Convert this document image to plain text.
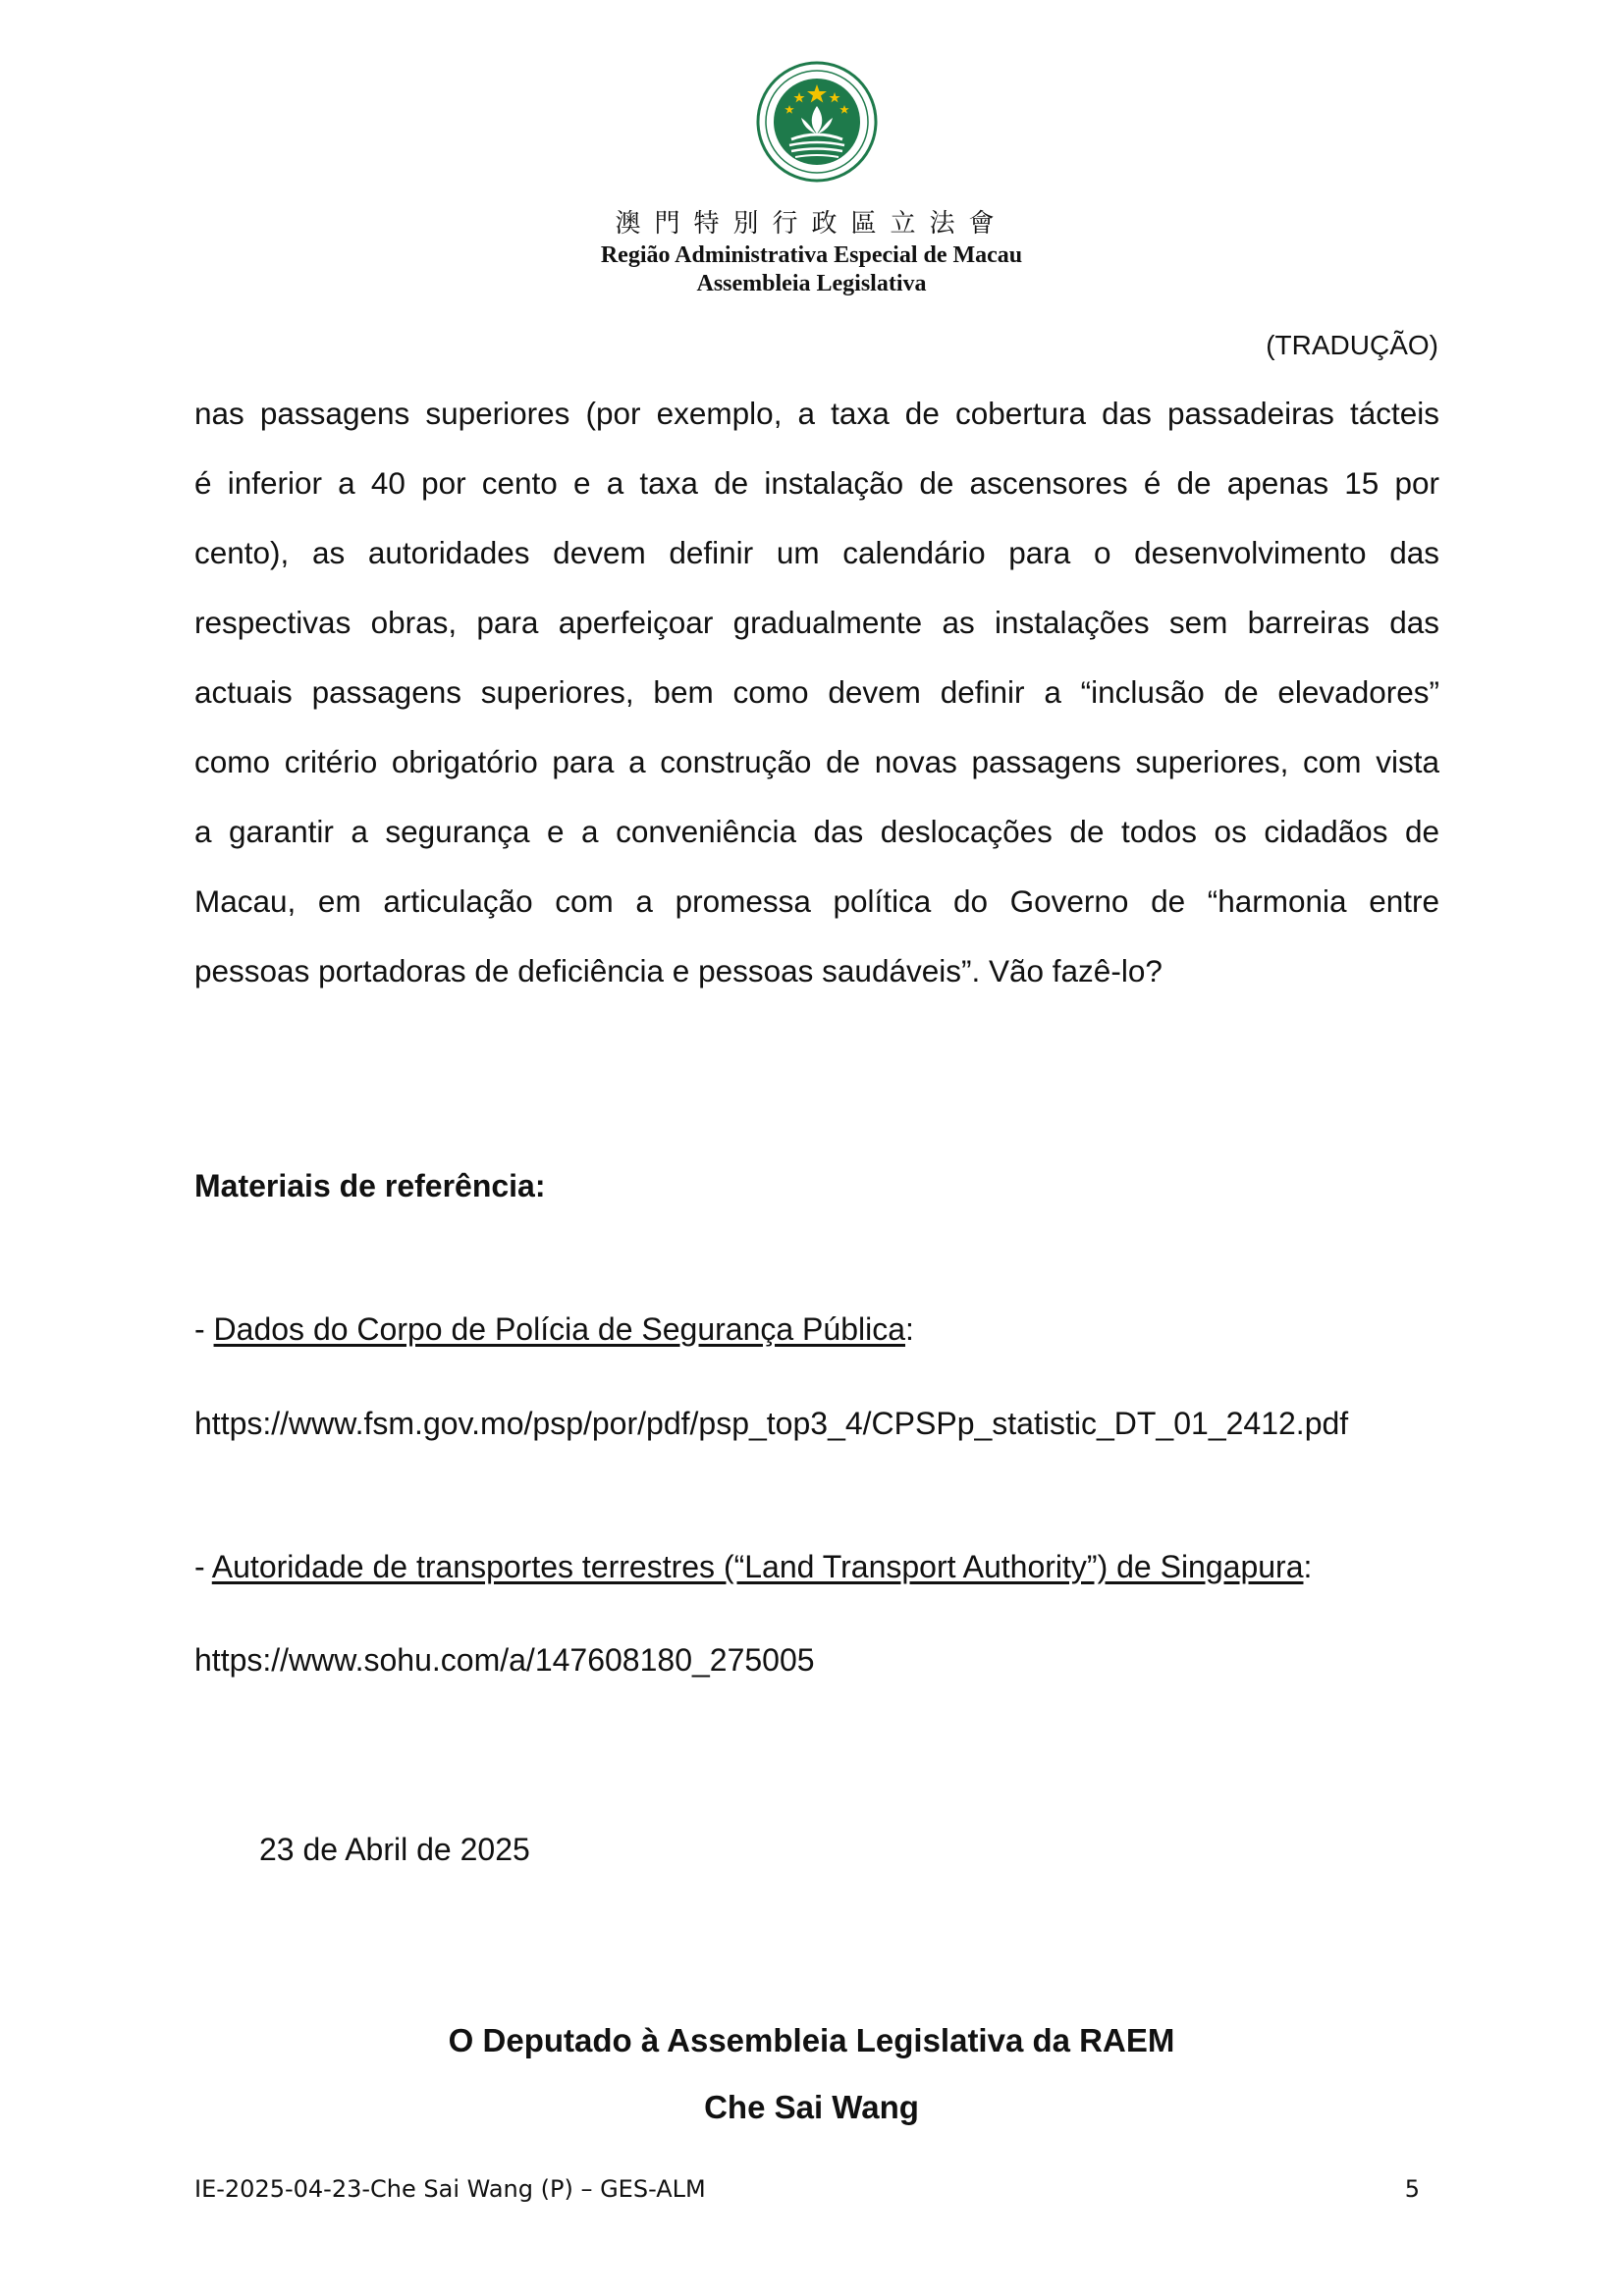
澳門特別行政區立法會
Região Administrativa Especial de Macau
Assembleia Legislativa
(TRADUÇÃO)
nas passagens superiores (por exemplo, a taxa de cobertura das passadeiras tácteis
é inferior a 40 por cento e a taxa de instalação de ascensores é de apenas 15 por
cento), as autoridades devem definir um calendário para o desenvolvimento das
respectivas obras, para aperfeiçoar gradualmente as instalações sem barreiras das
actuais passagens superiores, bem como devem definir a “inclusão de elevadores”
como critério obrigatório para a construção de novas passagens superiores, com vista
a garantir a segurança e a conveniência das deslocações de todos os cidadãos de
Macau, em articulação com a promessa política do Governo de “harmonia entre
pessoas portadoras de deficiência e pessoas saudáveis”. Vão fazê-lo?
Materiais de referência:
- Dados do Corpo de Polícia de Segurança Pública:
https://www.fsm.gov.mo/psp/por/pdf/psp_top3_4/CPSPp_statistic_DT_01_2412.pdf
- Autoridade de transportes terrestres (“Land Transport Authority”) de Singapura:
https://www.sohu.com/a/147608180_275005
23 de Abril de 2025
O Deputado à Assembleia Legislativa da RAEM
Che Sai Wang
IE-2025-04-23-Che Sai Wang (P) – GES-ALM	5
